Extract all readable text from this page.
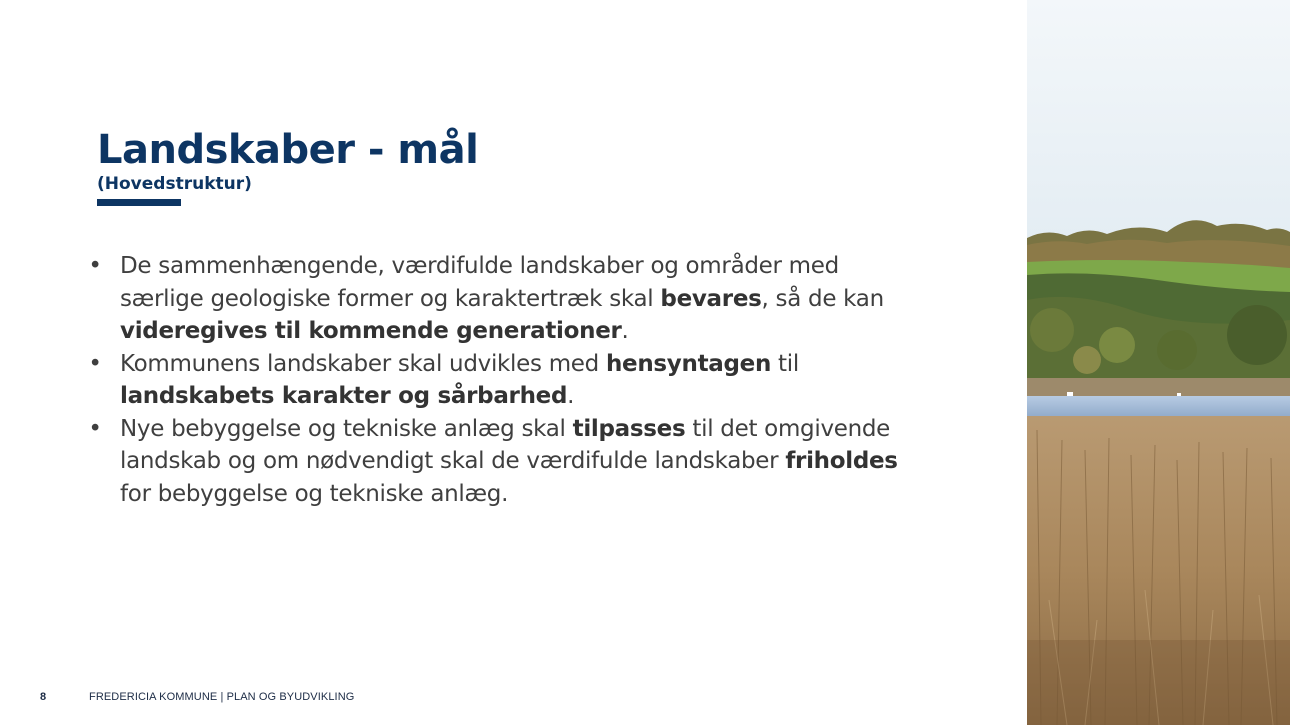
Landskaber - mål
(Hovedstruktur)
• De sammenhængende, værdifulde landskaber og områder med særlige geologiske former og karaktertræk skal bevares, så de kan videregives til kommende generationer.
• Kommunens landskaber skal udvikles med hensyntagen til landskabets karakter og sårbarhed.
• Nye bebyggelse og tekniske anlæg skal tilpasses til det omgivende landskab og om nødvendigt skal de værdifulde landskaber friholdes for bebyggelse og tekniske anlæg.
8	FREDERICIA KOMMUNE | PLAN OG BYUDVIKLING
